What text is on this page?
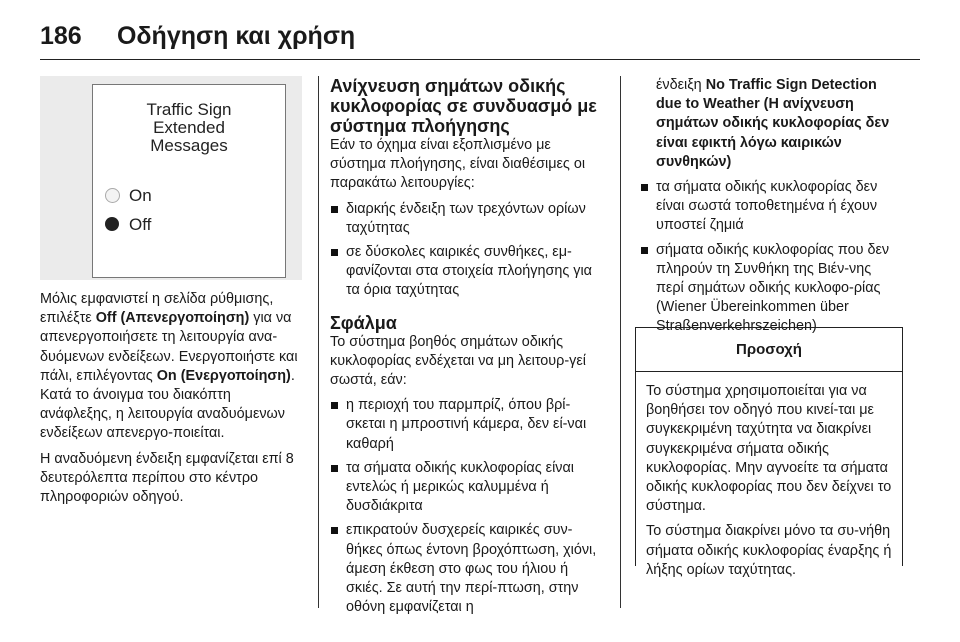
186 Οδήγηση και χρήση
Traffic Sign
Extended
Messages
On
Off

Μόλις εμφανιστεί η σελίδα ρύθμισης, επιλέξτε Off (Απενεργοποίηση) για να απενεργοποιήσετε τη λειτουργία ανα-δυόμενων ενδείξεων. Ενεργοποιήστε και πάλι, επιλέγοντας On (Ενεργοποίηση). Κατά το άνοιγμα του διακόπτη ανάφλεξης, η λειτουργία αναδυόμενων ενδείξεων απενεργο-ποιείται.

Η αναδυόμενη ένδειξη εμφανίζεται επί 8 δευτερόλεπτα περίπου στο κέντρο πληροφοριών οδηγού.

Ανίχνευση σημάτων οδικής κυκλοφορίας σε συνδυασμό με σύστημα πλοήγησης

Εάν το όχημα είναι εξοπλισμένο με σύστημα πλοήγησης, είναι διαθέσιμες οι παρακάτω λειτουργίες:

διαρκής ένδειξη των τρεχόντων ορίων ταχύτητας
σε δύσκολες καιρικές συνθήκες, εμ-φανίζονται στα στοιχεία πλοήγησης για τα όρια ταχύτητας
Σφάλμα

Το σύστημα βοηθός σημάτων οδικής κυκλοφορίας ενδέχεται να μη λειτουρ-γεί σωστά, εάν:

η περιοχή του παρμπρίζ, όπου βρί-σκεται η μπροστινή κάμερα, δεν εί-ναι καθαρή
τα σήματα οδικής κυκλοφορίας είναι εντελώς ή μερικώς καλυμμένα ή δυσδιάκριτα
επικρατούν δυσχερείς καιρικές συν-θήκες όπως έντονη βροχόπτωση, χιόνι, άμεση έκθεση στο φως του ήλιου ή σκιές. Σε αυτή την περί-πτωση, στην οθόνη εμφανίζεται η

ένδειξη No Traffic Sign Detection due to Weather (Η ανίχνευση σημάτων οδικής κυκλοφορίας δεν είναι εφικτή λόγω καιρικών συνθηκών)

τα σήματα οδικής κυκλοφορίας δεν είναι σωστά τοποθετημένα ή έχουν υποστεί ζημιά
σήματα οδικής κυκλοφορίας που δεν πληρούν τη Συνθήκη της Βιέν-νης περί σημάτων οδικής κυκλοφο-ρίας (Wiener Übereinkommen über Straßenverkehrszeichen)
Προσοχή

Το σύστημα χρησιμοποιείται για να βοηθήσει τον οδηγό που κινεί-ται με συγκεκριμένη ταχύτητα να διακρίνει συγκεκριμένα σήματα οδικής κυκλοφορίας. Μην αγνοείτε τα σήματα οδικής κυκλοφορίας που δεν δείχνει το σύστημα.

Το σύστημα διακρίνει μόνο τα συ-νήθη σήματα οδικής κυκλοφορίας έναρξης ή λήξης ορίων ταχύτητας.
